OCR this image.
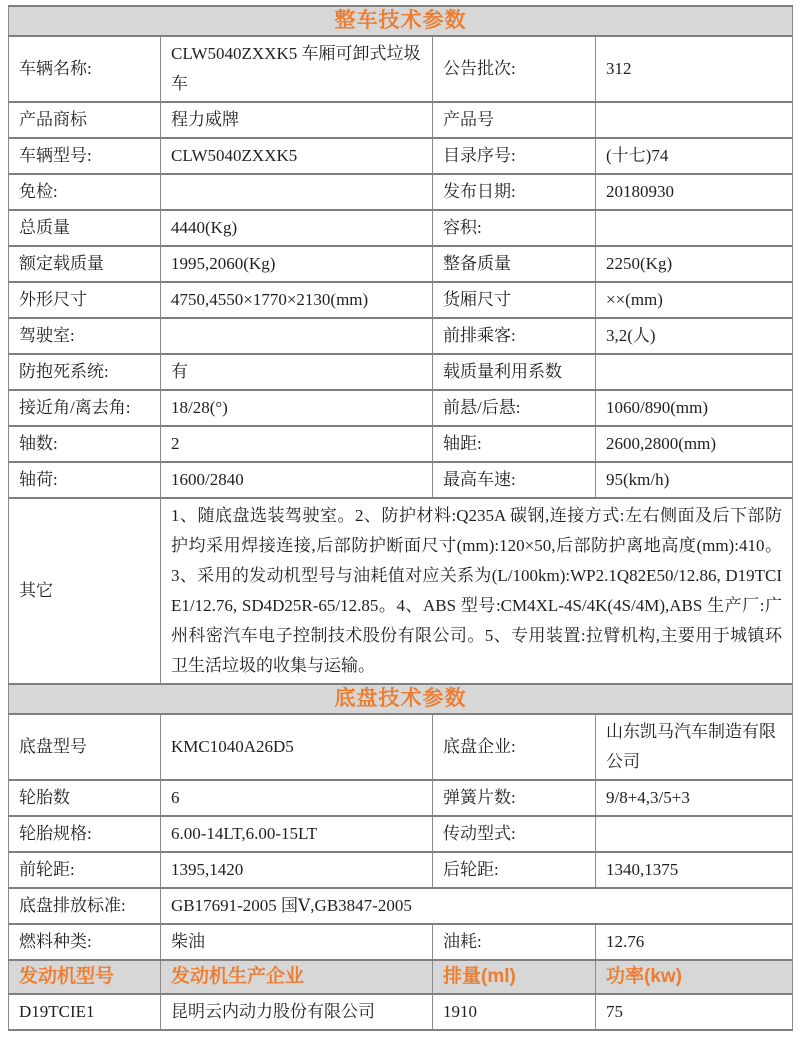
整车技术参数			
车辆名称:	CLW5040ZXXK5 车厢可卸式垃圾车	公告批次:	312
产品商标	程力威牌	产品号	
车辆型号:	CLW5040ZXXK5	目录序号:	(十七)74
免检:		发布日期:	20180930
总质量	4440(Kg)	容积:	
额定载质量	1995,2060(Kg)	整备质量	2250(Kg)
外形尺寸	4750,4550×1770×2130(mm)	货厢尺寸	××(mm)
驾驶室:		前排乘客:	3,2(人)
防抱死系统:	有	载质量利用系数	
接近角/离去角:	18/28(°)	前悬/后悬:	1060/890(mm)
轴数:	2	轴距:	2600,2800(mm)
轴荷:	1600/2840	最高车速:	95(km/h)
其它	1、随底盘选装驾驶室。2、防护材料:Q235A 碳钢,连接方式:左右侧面及后下部防护均采用焊接连接,后部防护断面尺寸(mm):120×50,后部防护离地高度(mm):410。3、采用的发动机型号与油耗值对应关系为(L/100km):WP2.1Q82E50/12.86, D19TCIE1/12.76, SD4D25R-65/12.85。4、ABS 型号:CM4XL-4S/4K(4S/4M),ABS 生产厂:广州科密汽车电子控制技术股份有限公司。5、专用装置:拉臂机构,主要用于城镇环卫生活垃圾的收集与运输。		
底盘技术参数			
底盘型号	KMC1040A26D5	底盘企业:	山东凯马汽车制造有限公司
轮胎数	6	弹簧片数:	9/8+4,3/5+3
轮胎规格:	6.00-14LT,6.00-15LT	传动型式:	
前轮距:	1395,1420	后轮距:	1340,1375
底盘排放标准:	GB17691-2005 国Ⅴ,GB3847-2005		
燃料种类:	柴油	油耗:	12.76
发动机型号	发动机生产企业	排量(ml)	功率(kw)
D19TCIE1	昆明云内动力股份有限公司	1910	75
